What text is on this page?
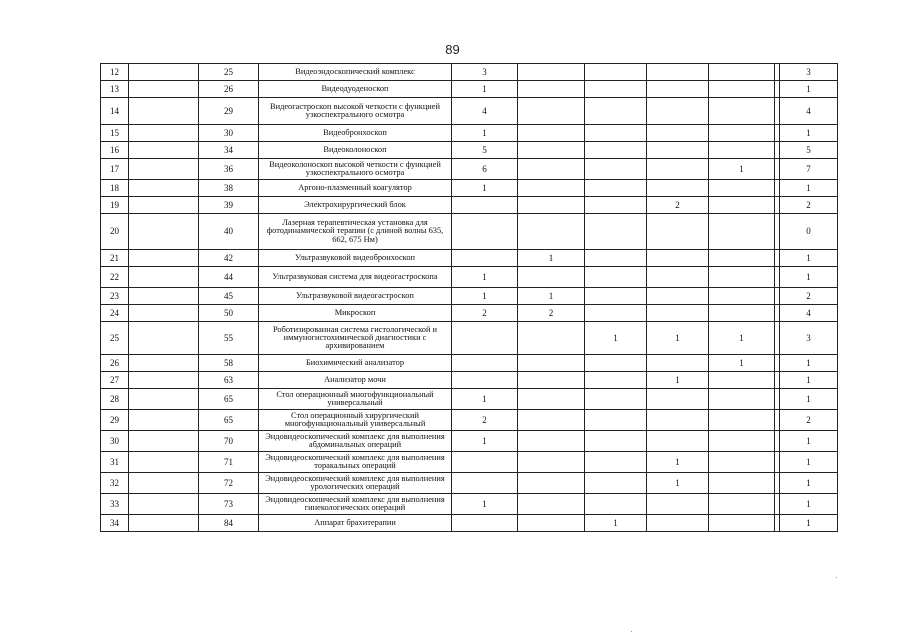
89
12		25	Видеоэндоскопический комплекс	3						3
13		26	Видеодуоденоскоп	1						1
14		29	Видеогастроскоп высокой четкости с функцией узкоспектрального осмотра	4						4
15		30	Видеобронхоскоп	1						1
16		34	Видеоколоноскоп	5						5
17		36	Видеоколоноскоп высокой четкости с функцией узкоспектрального осмотра	6				1		7
18		38	Аргоно-плазменный коагулятор	1						1
19		39	Электрохирургический блок				2			2
20		40	Лазерная терапевтическая установка для фотодинамической терапии (с длиной волны 635, 662, 675 Нм)							0
21		42	Ультразвуковой видеобронхоскоп		1					1
22		44	Ультразвуковая система для видеогастроскопа	1						1
23		45	Ультразвуковой видеогастроскоп	1	1					2
24		50	Микроскоп	2	2					4
25		55	Роботизированная система гистологической и иммуногистохимической диагностики с архивированием			1	1	1		3
26		58	Биохимический анализатор					1		1
27		63	Анализатор мочи				1			1
28		65	Стол операционный многофункциональный универсальный	1						1
29		65	Стол операционный хирургический многофункциональный универсальный	2						2
30		70	Эндовидеоскопический комплекс для выполнения абдоминальных операций	1						1
31		71	Эндовидеоскопический комплекс для выполнения торакальных операций				1			1
32		72	Эндовидеоскопический комплекс для выполнения урологических операций				1			1
33		73	Эндовидеоскопический комплекс для выполнения гинекологических операций	1						1
34		84	Аппарат брахитерапии			1				1
·
·
